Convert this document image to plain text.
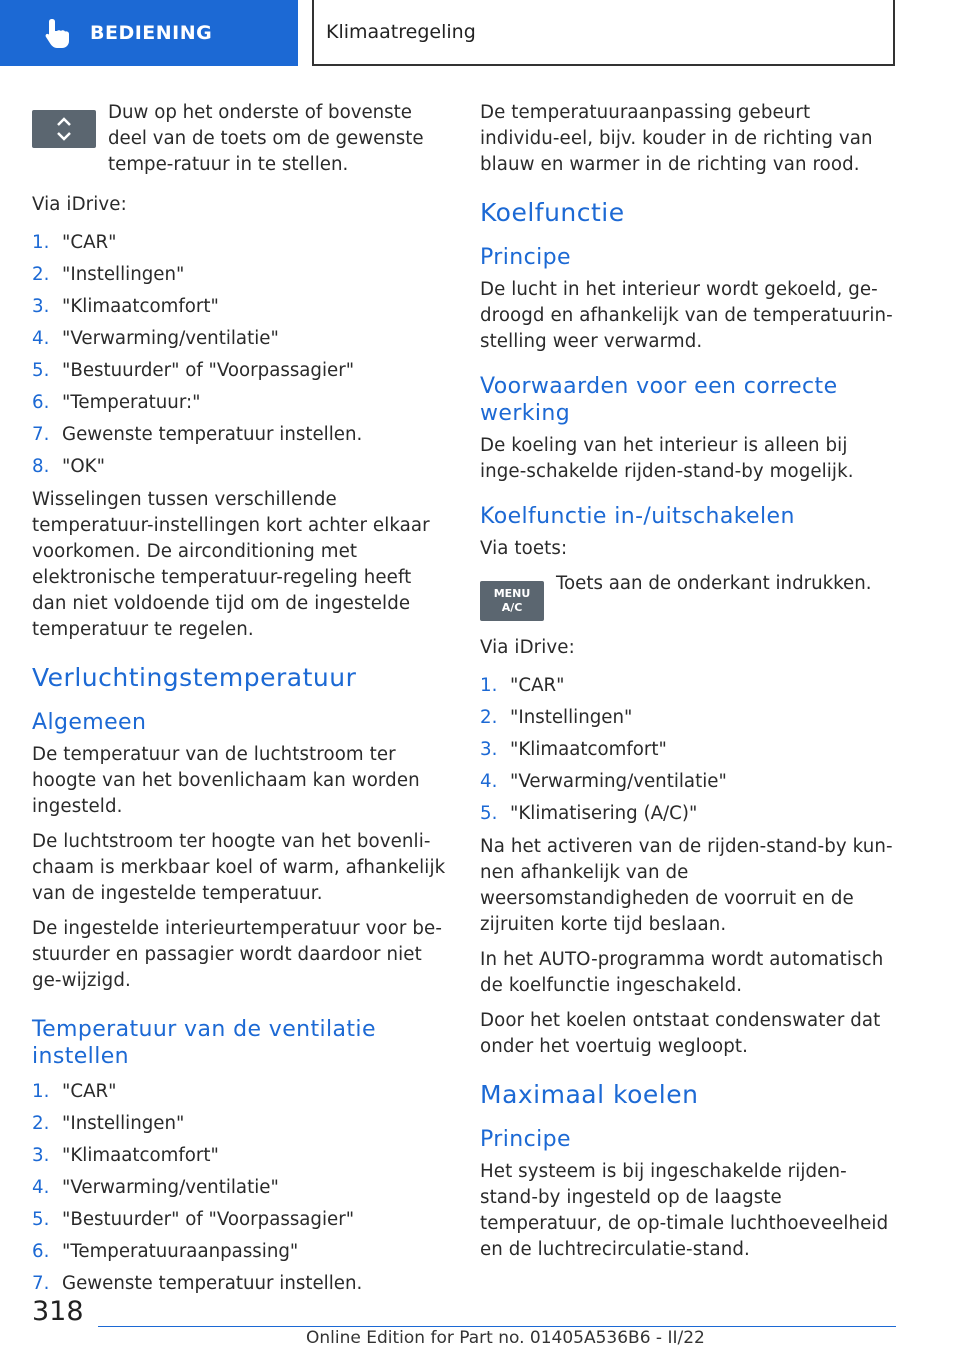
BEDIENING	Klimaatregeling
Duw op het onderste of bovenste deel van de toets om de gewenste tempe-ratuur in te stellen.

Via iDrive:

1. "CAR"
2. "Instellingen"
3. "Klimaatcomfort"
4. "Verwarming/ventilatie"
5. "Bestuurder" of "Voorpassagier"
6. "Temperatuur:"
7. Gewenste temperatuur instellen.
8. "OK"

Wisselingen tussen verschillende temperatuur-instellingen kort achter elkaar voorkomen. De airconditioning met elektronische temperatuur-regeling heeft dan niet voldoende tijd om de ingestelde temperatuur te regelen.

Verluchtingstemperatuur
Algemeen

De temperatuur van de luchtstroom ter hoogte van het bovenlichaam kan worden ingesteld.

De luchtstroom ter hoogte van het bovenli-chaam is merkbaar koel of warm, afhankelijk van de ingestelde temperatuur.

De ingestelde interieurtemperatuur voor be-stuurder en passagier wordt daardoor niet ge-wijzigd.

Temperatuur van de ventilatie instellen
1. "CAR"
2. "Instellingen"
3. "Klimaatcomfort"
4. "Verwarming/ventilatie"
5. "Bestuurder" of "Voorpassagier"
6. "Temperatuuraanpassing"
7. Gewenste temperatuur instellen.

De temperatuuraanpassing gebeurt individu-eel, bijv. kouder in de richting van blauw en warmer in de richting van rood.

Koelfunctie
Principe

De lucht in het interieur wordt gekoeld, ge-droogd en afhankelijk van de temperatuurin-stelling weer verwarmd.

Voorwaarden voor een correcte werking

De koeling van het interieur is alleen bij inge-schakelde rijden-stand-by mogelijk.

Koelfunctie in-/uitschakelen

Via toets:

MENU
A/C
Toets aan de onderkant indrukken.

Via iDrive:

1. "CAR"
2. "Instellingen"
3. "Klimaatcomfort"
4. "Verwarming/ventilatie"
5. "Klimatisering (A/C)"

Na het activeren van de rijden-stand-by kun-nen afhankelijk van de weersomstandigheden de voorruit en de zijruiten korte tijd beslaan.

In het AUTO-programma wordt automatisch de koelfunctie ingeschakeld.

Door het koelen ontstaat condenswater dat onder het voertuig wegloopt.

Maximaal koelen
Principe

Het systeem is bij ingeschakelde rijden-stand-by ingesteld op de laagste temperatuur, de op-timale luchthoeveelheid en de luchtrecirculatie-stand.

318
Online Edition for Part no. 01405A536B6 - II/22
